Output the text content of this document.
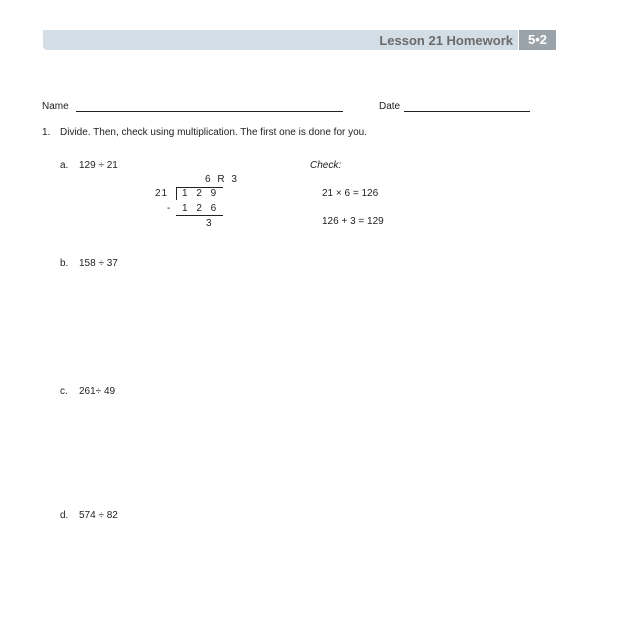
Lesson 21 Homework	5•2
Name	Date
1. Divide. Then, check using multiplication. The first one is done for you.
a. 129 ÷ 21
6 R 3
21 1 2 9
- 1 2 6
3
Check:
21 × 6 = 126
126 + 3 = 129
b. 158 ÷ 37
c. 261÷ 49
d. 574 ÷ 82
